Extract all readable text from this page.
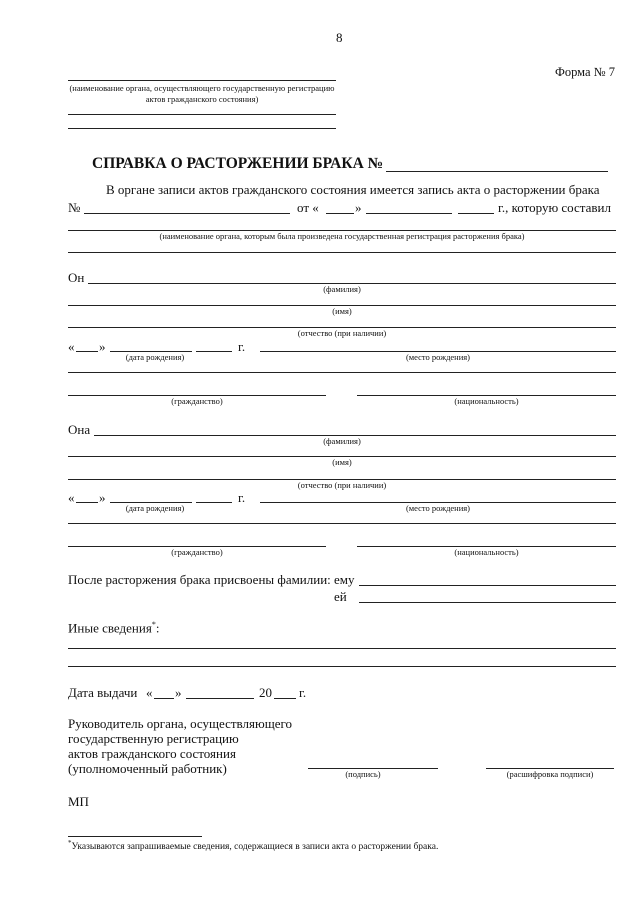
8
Форма № 7
(наименование органа, осуществляющего государственную регистрацию актов гражданского состояния)
СПРАВКА О РАСТОРЖЕНИИ БРАКА №
В органе записи актов гражданского состояния имеется запись акта о расторжении брака
№	от «	»	г., которую составил
(наименование органа, которым была произведена государственная регистрация расторжения брака)
Он
(фамилия)
(имя)
(отчество (при наличии)
« »	г.
(дата рождения)	(место рождения)
(гражданство)	(национальность)
Она
(фамилия)
(имя)
(отчество (при наличии)
« »	г.
(дата рождения)	(место рождения)
(гражданство)	(национальность)
После расторжения брака присвоены фамилии: ему
ей
Иные сведения*:
Дата выдачи « »	20 г.
Руководитель органа, осуществляющего
государственную регистрацию
актов гражданского состояния
(уполномоченный работник)	(подпись)	(расшифровка подписи)
МП
*Указываются запрашиваемые сведения, содержащиеся в записи акта о расторжении брака.
